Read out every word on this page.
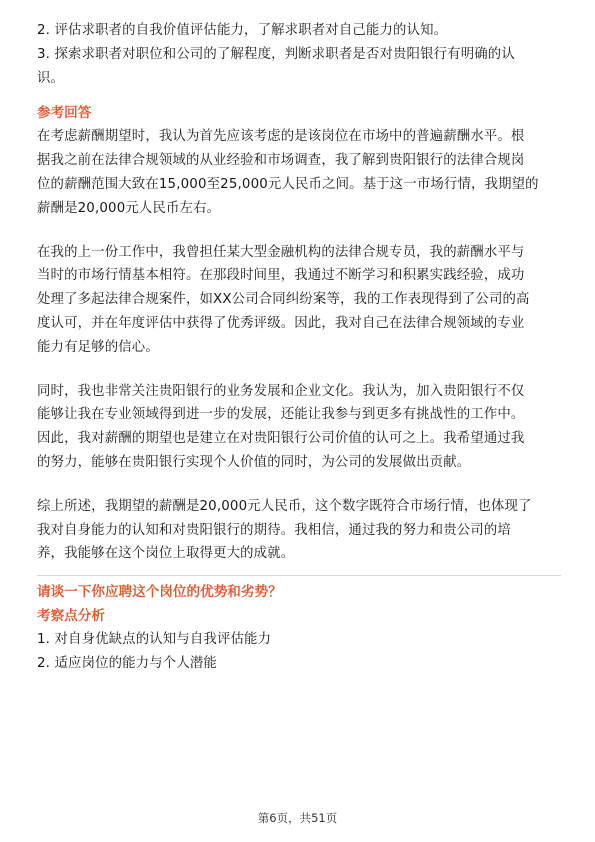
2. 评估求职者的自我价值评估能力，了解求职者对自己能力的认知。
3. 探索求职者对职位和公司的了解程度，判断求职者是否对贵阳银行有明确的认
识。
参考回答
在考虑薪酬期望时，我认为首先应该考虑的是该岗位在市场中的普遍薪酬水平。根
据我之前在法律合规领域的从业经验和市场调查，我了解到贵阳银行的法律合规岗
位的薪酬范围大致在15,000至25,000元人民币之间。基于这一市场行情，我期望的
薪酬是20,000元人民币左右。
在我的上一份工作中，我曾担任某大型金融机构的法律合规专员，我的薪酬水平与
当时的市场行情基本相符。在那段时间里，我通过不断学习和积累实践经验，成功
处理了多起法律合规案件，如XX公司合同纠纷案等，我的工作表现得到了公司的高
度认可，并在年度评估中获得了优秀评级。因此，我对自己在法律合规领域的专业
能力有足够的信心。
同时，我也非常关注贵阳银行的业务发展和企业文化。我认为，加入贵阳银行不仅
能够让我在专业领域得到进一步的发展，还能让我参与到更多有挑战性的工作中。
因此，我对薪酬的期望也是建立在对贵阳银行公司价值的认可之上。我希望通过我
的努力，能够在贵阳银行实现个人价值的同时，为公司的发展做出贡献。
综上所述，我期望的薪酬是20,000元人民币，这个数字既符合市场行情，也体现了
我对自身能力的认知和对贵阳银行的期待。我相信，通过我的努力和贵公司的培
养，我能够在这个岗位上取得更大的成就。
请谈一下你应聘这个岗位的优势和劣势？
考察点分析
1. 对自身优缺点的认知与自我评估能力
2. 适应岗位的能力与个人潜能
第6页，共51页
